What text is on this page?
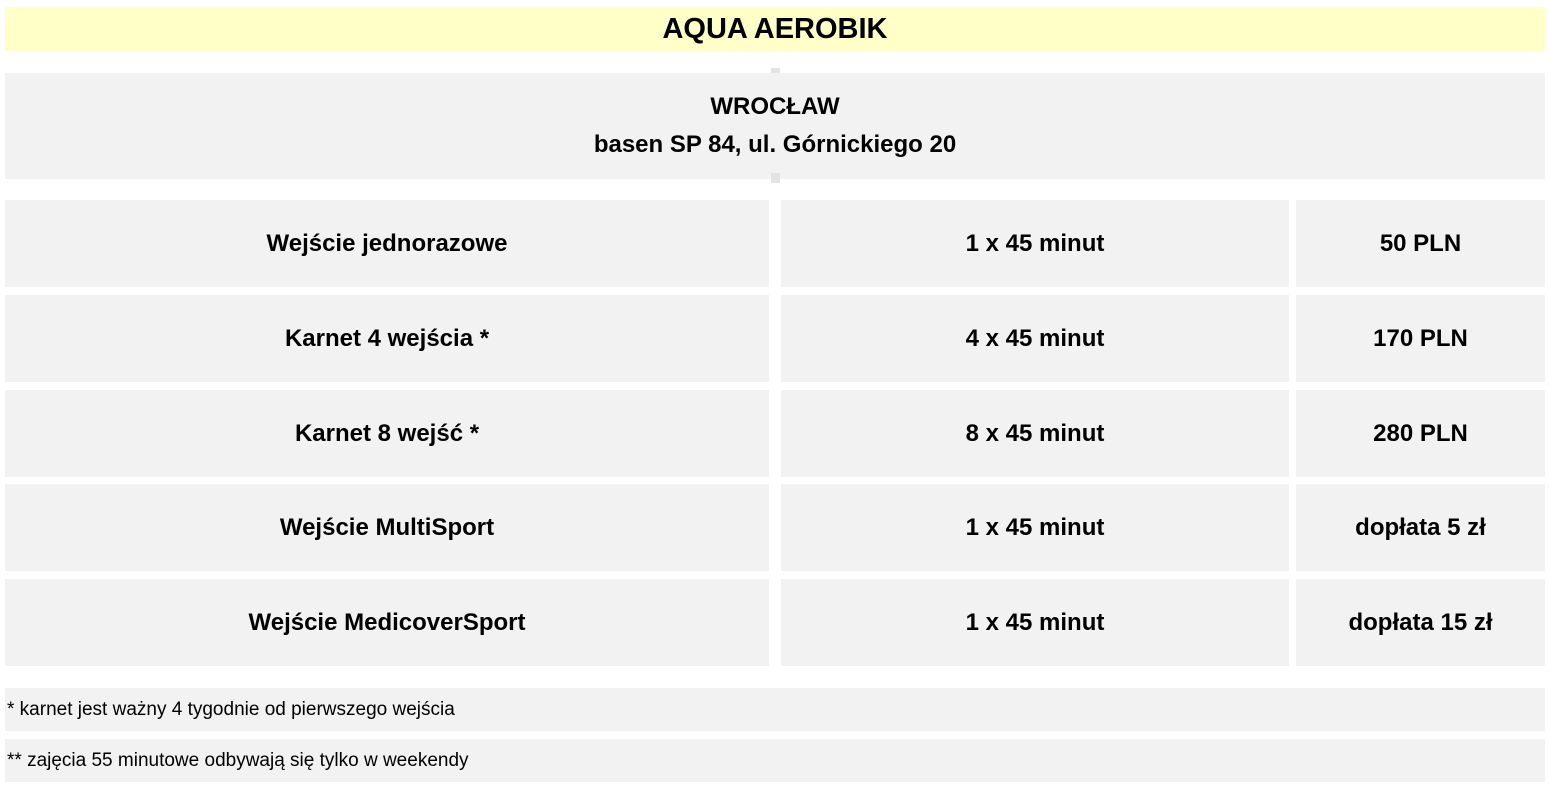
AQUA AEROBIK
WROCŁAW
basen SP 84, ul. Górnickiego 20
Wejście jednorazowe	1 x 45 minut	50 PLN
Karnet 4 wejścia *	4 x 45 minut	170 PLN
Karnet 8 wejść *	8 x 45 minut	280 PLN
Wejście MultiSport	1 x 45 minut	dopłata 5 zł
Wejście MedicoverSport	1 x 45 minut	dopłata 15 zł
* karnet jest ważny 4 tygodnie od pierwszego wejścia
** zajęcia 55 minutowe odbywają się tylko w weekendy
